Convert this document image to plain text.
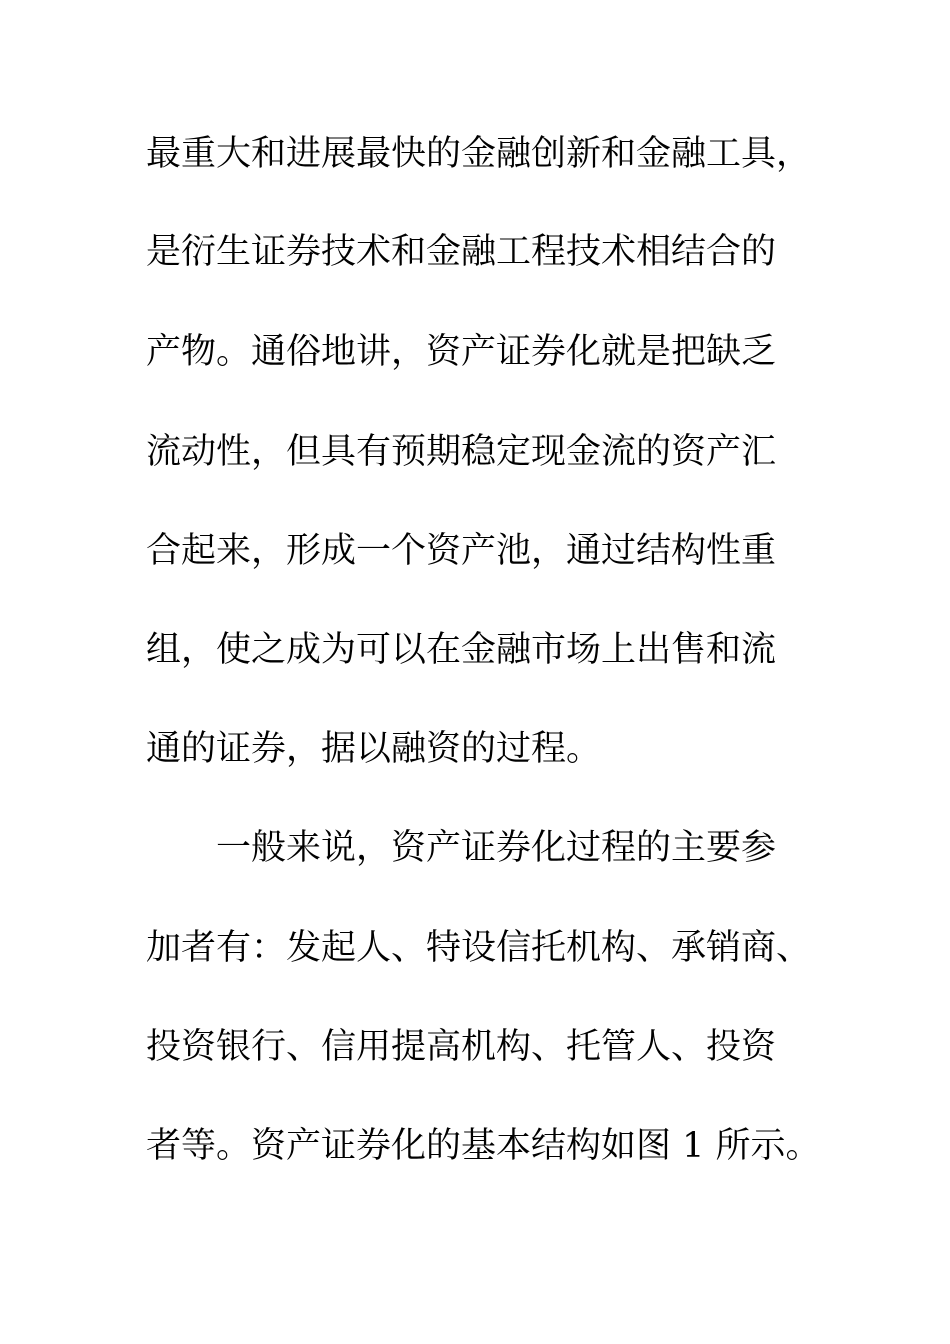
最重大和进展最快的金融创新和金融工具，
是衍生证券技术和金融工程技术相结合的
产物。通俗地讲，资产证券化就是把缺乏
流动性，但具有预期稳定现金流的资产汇
合起来，形成一个资产池，通过结构性重
组，使之成为可以在金融市场上出售和流
通的证券，据以融资的过程。
一般来说，资产证券化过程的主要参
加者有：发起人、特设信托机构、承销商、
投资银行、信用提高机构、托管人、投资
者等。资产证券化的基本结构如图 1 所示。
